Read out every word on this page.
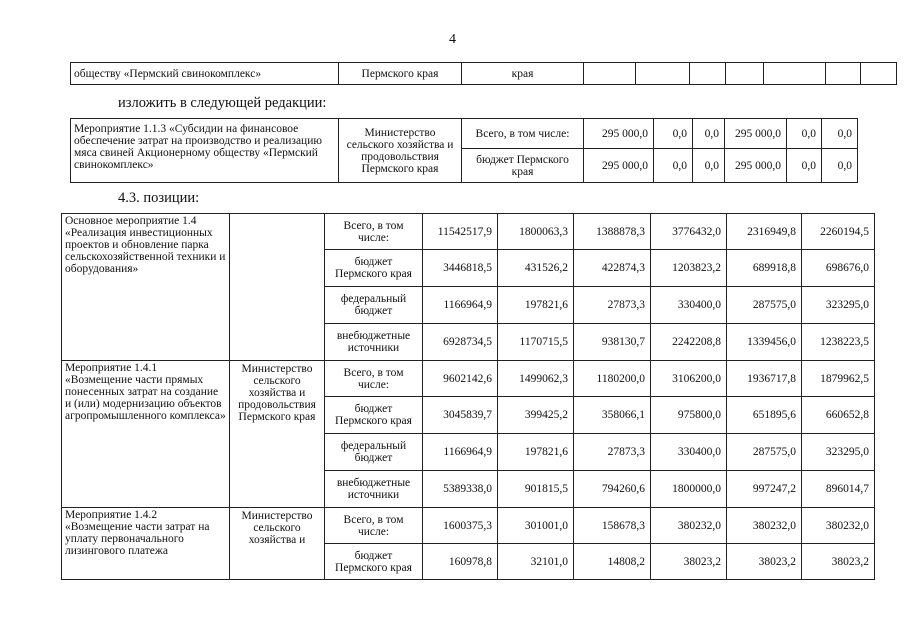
4
обществу «Пермский свинокомплекс»	Пермского края	края							
изложить в следующей редакции:
Мероприятие 1.1.3 «Субсидии на финансовое обеспечение затрат на производство и реализацию мяса свиней Акционерному обществу «Пермский свинокомплекс»	Министерство сельского хозяйства и продовольствия Пермского края	Всего, в том числе:	295 000,0	0,0	0,0	295 000,0	0,0	0,0
		бюджет Пермского края	295 000,0	0,0	0,0	295 000,0	0,0	0,0
4.3. позиции:
Основное мероприятие 1.4 «Реализация инвестиционных проектов и обновление парка сельскохозяйственной техники и оборудования»		Всего, в том числе:	11542517,9	1800063,3	1388878,3	3776432,0	2316949,8	2260194,5
		бюджет Пермского края	3446818,5	431526,2	422874,3	1203823,2	689918,8	698676,0
		федеральный бюджет	1166964,9	197821,6	27873,3	330400,0	287575,0	323295,0
		внебюджетные источники	6928734,5	1170715,5	938130,7	2242208,8	1339456,0	1238223,5
Мероприятие 1.4.1 «Возмещение части прямых понесенных затрат на создание и (или) модернизацию объектов агропромышленного комплекса»	Министерство сельского хозяйства и продовольствия Пермского края	Всего, в том числе:	9602142,6	1499062,3	1180200,0	3106200,0	1936717,8	1879962,5
		бюджет Пермского края	3045839,7	399425,2	358066,1	975800,0	651895,6	660652,8
		федеральный бюджет	1166964,9	197821,6	27873,3	330400,0	287575,0	323295,0
		внебюджетные источники	5389338,0	901815,5	794260,6	1800000,0	997247,2	896014,7
Мероприятие 1.4.2 «Возмещение части затрат на уплату первоначального лизингового платежа	Министерство сельского хозяйства и	Всего, в том числе:	1600375,3	301001,0	158678,3	380232,0	380232,0	380232,0
		бюджет Пермского края	160978,8	32101,0	14808,2	38023,2	38023,2	38023,2
